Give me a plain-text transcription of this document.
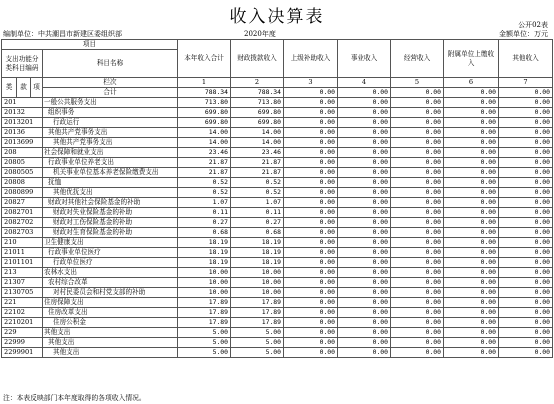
收入决算表	公开02表
编制单位：中共潮昌市新建区委组织部	2020年度	金额单位：万元
项目				本年收入合计	财政拨款收入	上级补助收入	事业收入	经营收入	附属单位上缴收入	其他收入
支出功能分类科目编码			科目名称							
类	款	项	栏次	1	2	3	4	5	6	7
			合计	788.34	788.34	0.00	0.00	0.00	0.00	0.00
201			一般公共服务支出	713.80	713.80	0.00	0.00	0.00	0.00	0.00
20132			组织事务	699.80	699.80	0.00	0.00	0.00	0.00	0.00
2013201			行政运行	699.80	699.80	0.00	0.00	0.00	0.00	0.00
20136			其他共产党事务支出	14.00	14.00	0.00	0.00	0.00	0.00	0.00
2013699			其他共产党事务支出	14.00	14.00	0.00	0.00	0.00	0.00	0.00
208			社会保障和就业支出	23.46	23.46	0.00	0.00	0.00	0.00	0.00
20805			行政事业单位养老支出	21.87	21.87	0.00	0.00	0.00	0.00	0.00
2080505			机关事业单位基本养老保险缴费支出	21.87	21.87	0.00	0.00	0.00	0.00	0.00
20808			抚恤	0.52	0.52	0.00	0.00	0.00	0.00	0.00
2080899			其他优抚支出	0.52	0.52	0.00	0.00	0.00	0.00	0.00
20827			财政对其他社会保险基金的补助	1.07	1.07	0.00	0.00	0.00	0.00	0.00
2082701			财政对失业保险基金的补助	0.11	0.11	0.00	0.00	0.00	0.00	0.00
2082702			财政对工伤保险基金的补助	0.27	0.27	0.00	0.00	0.00	0.00	0.00
2082703			财政对生育保险基金的补助	0.68	0.68	0.00	0.00	0.00	0.00	0.00
210			卫生健康支出	18.19	18.19	0.00	0.00	0.00	0.00	0.00
21011			行政事业单位医疗	18.19	18.19	0.00	0.00	0.00	0.00	0.00
2101101			行政单位医疗	18.19	18.19	0.00	0.00	0.00	0.00	0.00
213			农林水支出	10.00	10.00	0.00	0.00	0.00	0.00	0.00
21307			农村综合改革	10.00	10.00	0.00	0.00	0.00	0.00	0.00
2130705			对村民委员会和村党支部的补助	10.00	10.00	0.00	0.00	0.00	0.00	0.00
221			住房保障支出	17.89	17.89	0.00	0.00	0.00	0.00	0.00
22102			住房改革支出	17.89	17.89	0.00	0.00	0.00	0.00	0.00
2210201			住房公积金	17.89	17.89	0.00	0.00	0.00	0.00	0.00
229			其他支出	5.00	5.00	0.00	0.00	0.00	0.00	0.00
22999			其他支出	5.00	5.00	0.00	0.00	0.00	0.00	0.00
2299901			其他支出	5.00	5.00	0.00	0.00	0.00	0.00	0.00
注：本表反映部门本年度取得的各项收入情况。
